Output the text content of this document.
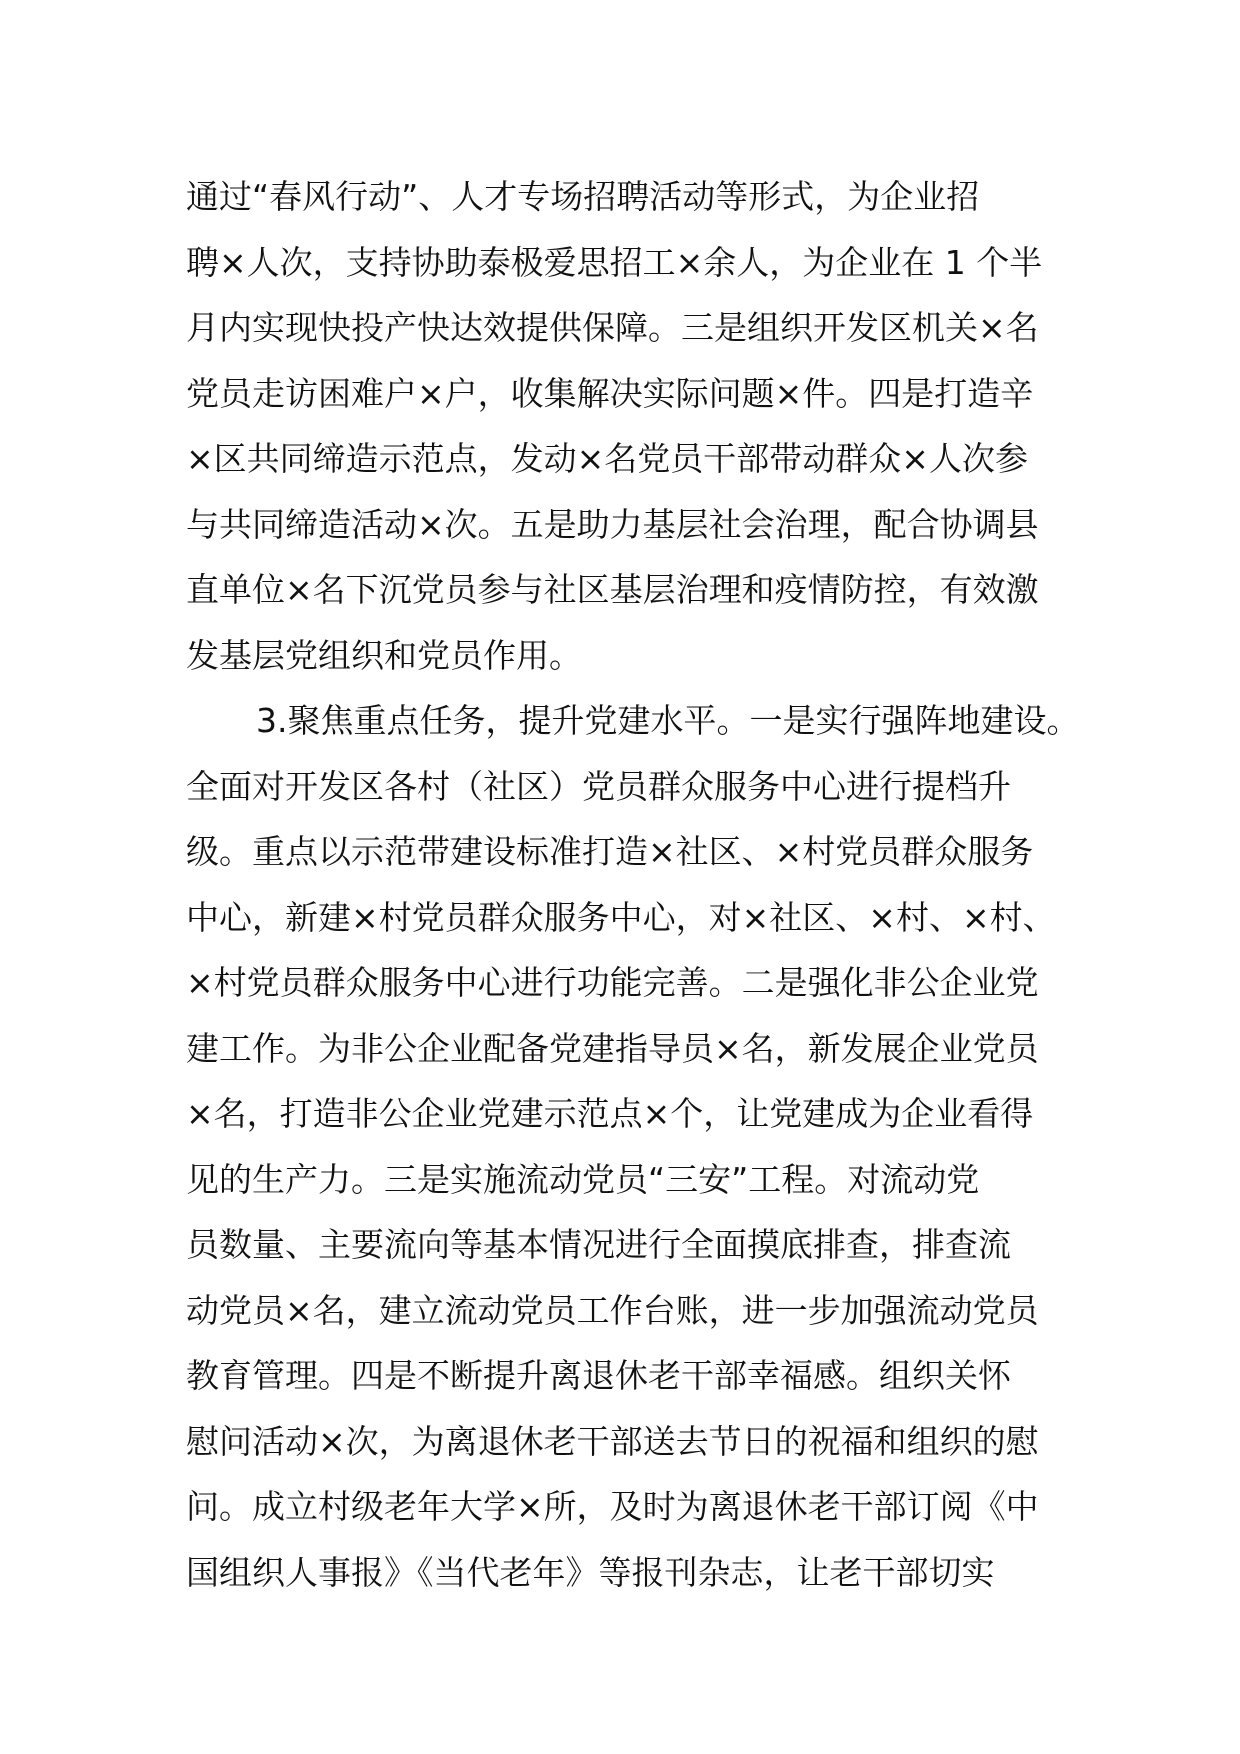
通过“春风行动”、人才专场招聘活动等形式，为企业招
聘×人次，支持协助泰极爱思招工×余人，为企业在 1 个半
月内实现快投产快达效提供保障。三是组织开发区机关×名
党员走访困难户×户，收集解决实际问题×件。四是打造辛
×区共同缔造示范点，发动×名党员干部带动群众×人次参
与共同缔造活动×次。五是助力基层社会治理，配合协调县
直单位×名下沉党员参与社区基层治理和疫情防控，有效激
发基层党组织和党员作用。
3.聚焦重点任务，提升党建水平。一是实行强阵地建设。
全面对开发区各村（社区）党员群众服务中心进行提档升
级。重点以示范带建设标准打造×社区、×村党员群众服务
中心，新建×村党员群众服务中心，对×社区、×村、×村、
×村党员群众服务中心进行功能完善。二是强化非公企业党
建工作。为非公企业配备党建指导员×名，新发展企业党员
×名，打造非公企业党建示范点×个，让党建成为企业看得
见的生产力。三是实施流动党员“三安”工程。对流动党
员数量、主要流向等基本情况进行全面摸底排查，排查流
动党员×名，建立流动党员工作台账，进一步加强流动党员
教育管理。四是不断提升离退休老干部幸福感。组织关怀
慰问活动×次，为离退休老干部送去节日的祝福和组织的慰
问。成立村级老年大学×所，及时为离退休老干部订阅《中
国组织人事报》《当代老年》等报刊杂志，让老干部切实
